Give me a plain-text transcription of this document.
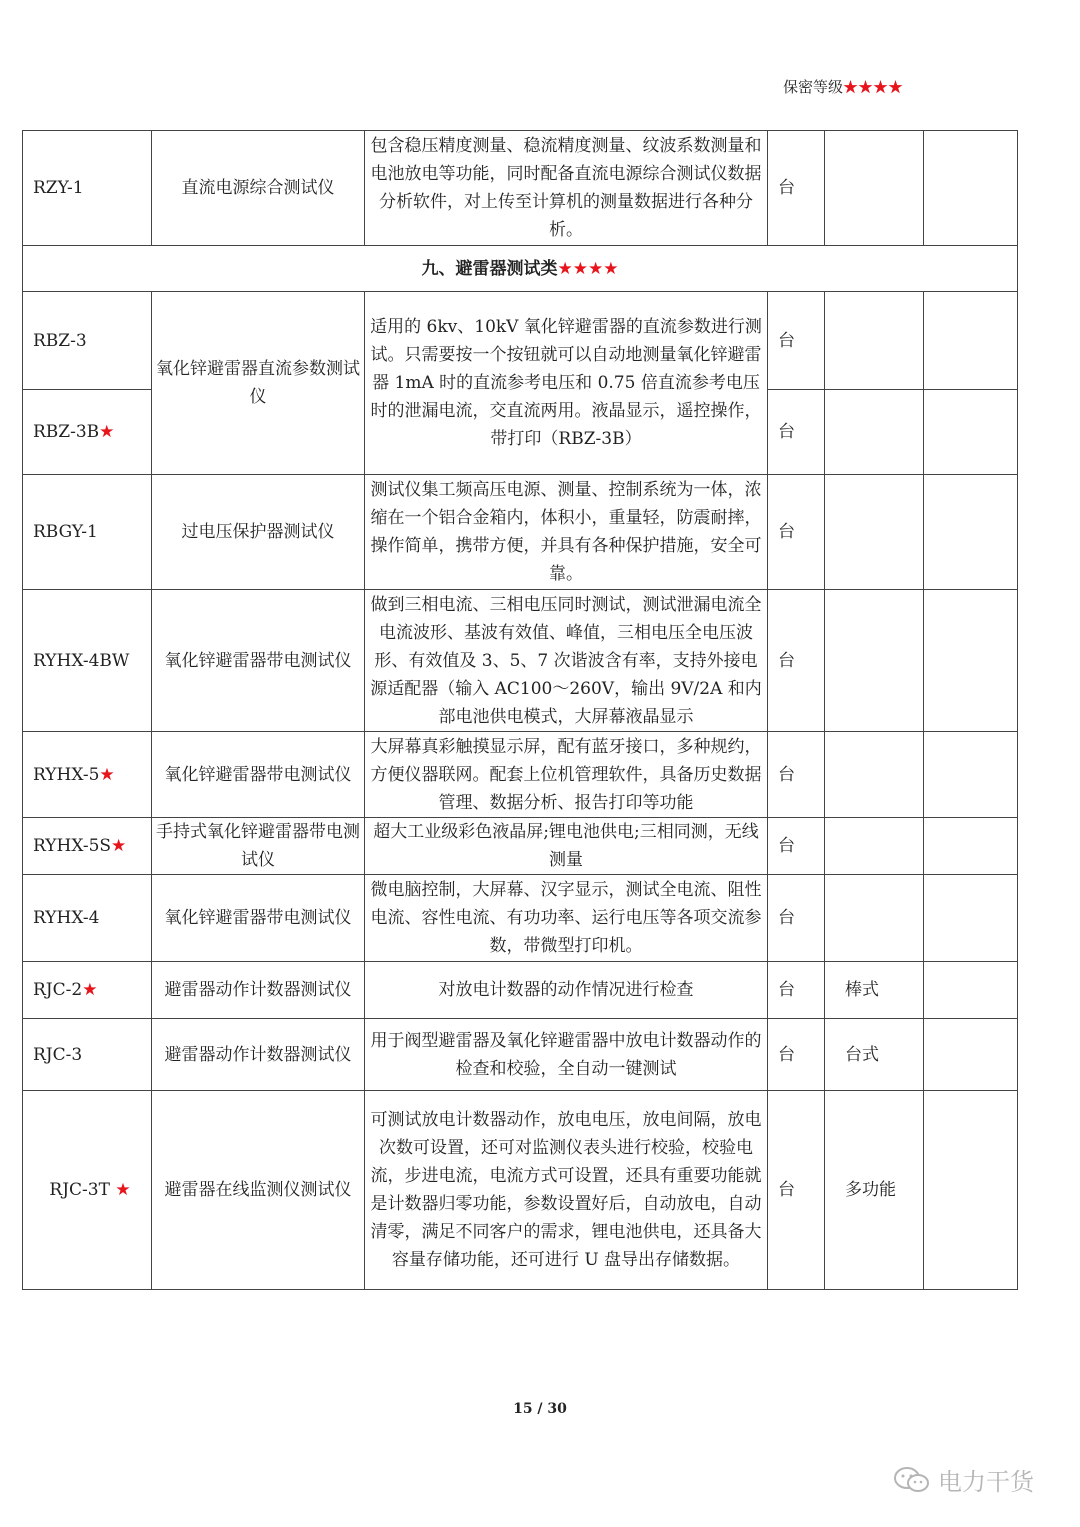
保密等级★★★★
RZY-1	直流电源综合测试仪	包含稳压精度测量、稳流精度测量、纹波系数测量和电池放电等功能，同时配备直流电源综合测试仪数据分析软件，对上传至计算机的测量数据进行各种分析。	台		
九、避雷器测试类★★★★					
RBZ-3	氧化锌避雷器直流参数测试仪	适用的 6kv、10kV 氧化锌避雷器的直流参数进行测试。只需要按一个按钮就可以自动地测量氧化锌避雷器 1mA 时的直流参考电压和 0.75 倍直流参考电压时的泄漏电流，交直流两用。液晶显示，遥控操作，带打印（RBZ-3B）	台		
RBZ-3B★			台		
RBGY-1	过电压保护器测试仪	测试仪集工频高压电源、测量、控制系统为一体，浓缩在一个铝合金箱内，体积小，重量轻，防震耐摔，操作简单，携带方便，并具有各种保护措施，安全可靠。	台		
RYHX-4BW	氧化锌避雷器带电测试仪	做到三相电流、三相电压同时测试，测试泄漏电流全电流波形、基波有效值、峰值，三相电压全电压波形、有效值及 3、5、7 次谐波含有率，支持外接电源适配器（输入 AC100～260V，输出 9V/2A 和内部电池供电模式，大屏幕液晶显示	台		
RYHX-5★	氧化锌避雷器带电测试仪	大屏幕真彩触摸显示屏，配有蓝牙接口，多种规约，方便仪器联网。配套上位机管理软件，具备历史数据管理、数据分析、报告打印等功能	台		
RYHX-5S★	手持式氧化锌避雷器带电测试仪	超大工业级彩色液晶屏;锂电池供电;三相同测，无线测量	台		
RYHX-4	氧化锌避雷器带电测试仪	微电脑控制，大屏幕、汉字显示，测试全电流、阻性电流、容性电流、有功功率、运行电压等各项交流参数，带微型打印机。	台		
RJC-2★	避雷器动作计数器测试仪	对放电计数器的动作情况进行检查	台	棒式	
RJC-3	避雷器动作计数器测试仪	用于阀型避雷器及氧化锌避雷器中放电计数器动作的检查和校验，全自动一键测试	台	台式	
RJC-3T ★	避雷器在线监测仪测试仪	可测试放电计数器动作，放电电压，放电间隔，放电次数可设置，还可对监测仪表头进行校验，校验电流，步进电流，电流方式可设置，还具有重要功能就是计数器归零功能，参数设置好后，自动放电，自动清零，满足不同客户的需求，锂电池供电，还具备大容量存储功能，还可进行 U 盘导出存储数据。	台	多功能	
15 / 30
电力干货
